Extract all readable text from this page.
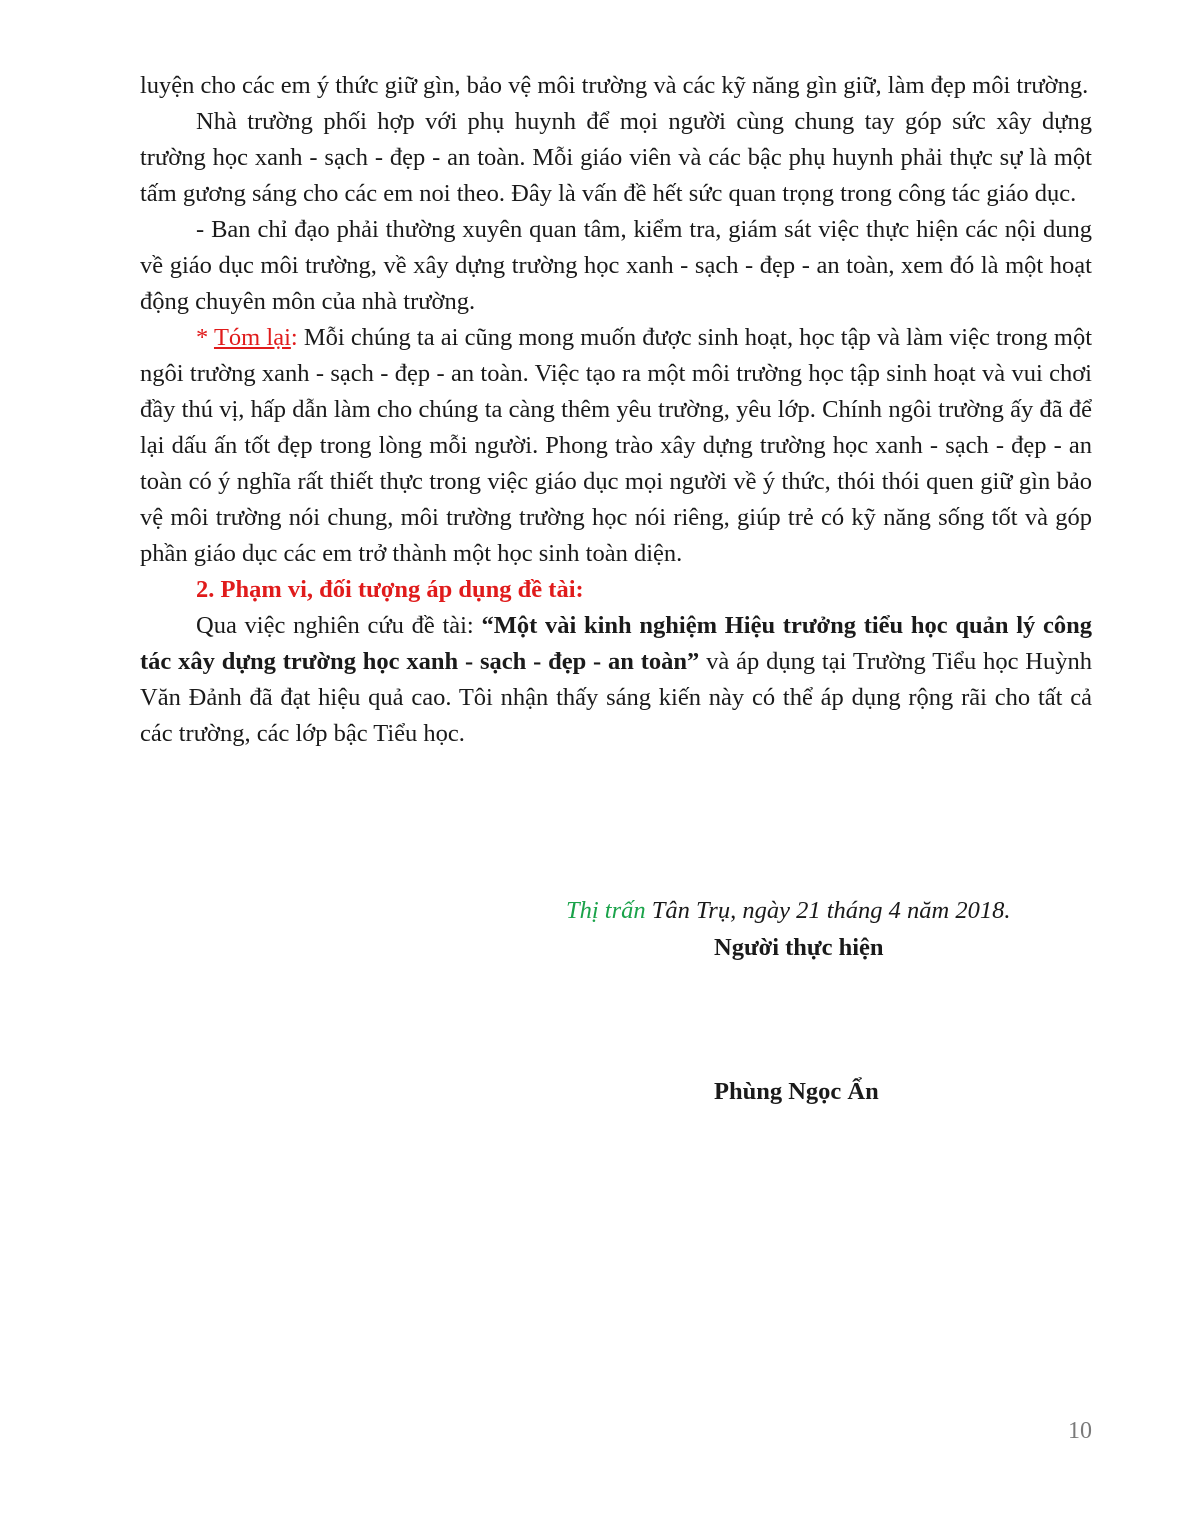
luyện cho các em ý thức giữ gìn, bảo vệ môi trường và các kỹ năng gìn giữ, làm đẹp môi trường.

Nhà trường phối hợp với phụ huynh để mọi người cùng chung tay góp sức xây dựng trường học xanh - sạch - đẹp - an toàn. Mỗi giáo viên và các bậc phụ huynh phải thực sự là một tấm gương sáng cho các em noi theo. Đây là vấn đề hết sức quan trọng trong công tác giáo dục.

- Ban chỉ đạo phải thường xuyên quan tâm, kiểm tra, giám sát việc thực hiện các nội dung về giáo dục môi trường, về xây dựng trường học xanh - sạch - đẹp - an toàn, xem đó là một hoạt động chuyên môn của nhà trường.

* Tóm lại: Mỗi chúng ta ai cũng mong muốn được sinh hoạt, học tập và làm việc trong một ngôi trường xanh - sạch - đẹp - an toàn. Việc tạo ra một môi trường học tập sinh hoạt và vui chơi đầy thú vị, hấp dẫn làm cho chúng ta càng thêm yêu trường, yêu lớp. Chính ngôi trường ấy đã để lại dấu ấn tốt đẹp trong lòng mỗi người. Phong trào xây dựng trường học xanh - sạch - đẹp - an toàn có ý nghĩa rất thiết thực trong việc giáo dục mọi người về ý thức, thói thói quen giữ gìn bảo vệ môi trường nói chung, môi trường trường học nói riêng, giúp trẻ có kỹ năng sống tốt và góp phần giáo dục các em trở thành một học sinh toàn diện.

2. Phạm vi, đối tượng áp dụng đề tài:

Qua việc nghiên cứu đề tài: “Một vài kinh nghiệm Hiệu trưởng tiểu học quản lý công tác xây dựng trường học xanh - sạch - đẹp - an toàn” và áp dụng tại Trường Tiểu học Huỳnh Văn Đảnh đã đạt hiệu quả cao. Tôi nhận thấy sáng kiến này có thể áp dụng rộng rãi cho tất cả các trường, các lớp bậc Tiểu học.

Thị trấn Tân Trụ, ngày 21 tháng 4 năm 2018.
Người thực hiện
Phùng Ngọc Ẩn
10
